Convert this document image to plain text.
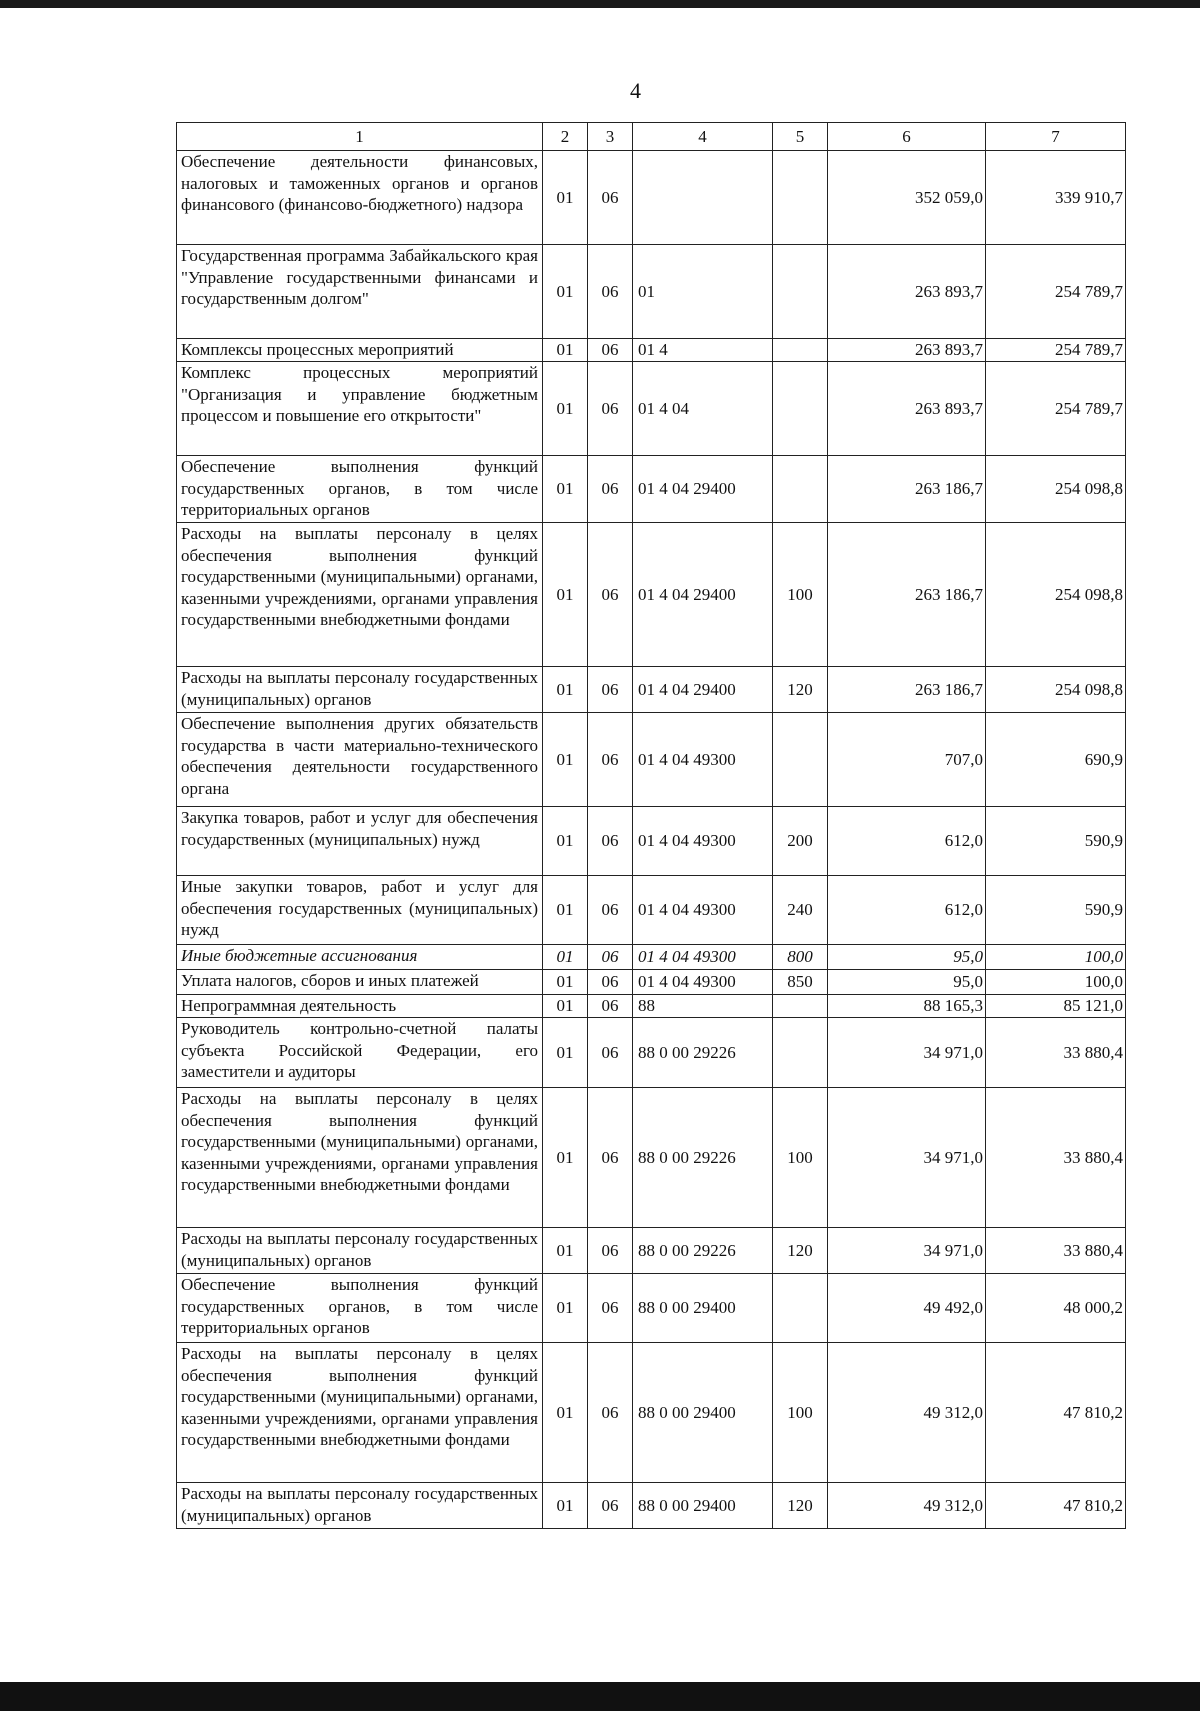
4
1	2	3	4	5	6	7
Обеспечение деятельности финансовых, налоговых и таможенных органов и органов финансового (финансово-бюджетного) надзора	01	06			352 059,0	339 910,7
Государственная программа Забайкальского края "Управление государственными финансами и государственным долгом"	01	06	01		263 893,7	254 789,7
Комплексы процессных мероприятий	01	06	01 4		263 893,7	254 789,7
Комплекс процессных мероприятий "Организация и управление бюджетным процессом и повышение его открытости"	01	06	01 4 04		263 893,7	254 789,7
Обеспечение выполнения функций государственных органов, в том числе территориальных органов	01	06	01 4 04 29400		263 186,7	254 098,8
Расходы на выплаты персоналу в целях обеспечения выполнения функций государственными (муниципальными) органами, казенными учреждениями, органами управления государственными внебюджетными фондами	01	06	01 4 04 29400	100	263 186,7	254 098,8
Расходы на выплаты персоналу государственных (муниципальных) органов	01	06	01 4 04 29400	120	263 186,7	254 098,8
Обеспечение выполнения других обязательств государства в части материально-технического обеспечения деятельности государственного органа	01	06	01 4 04 49300		707,0	690,9
Закупка товаров, работ и услуг для обеспечения государственных (муниципальных) нужд	01	06	01 4 04 49300	200	612,0	590,9
Иные закупки товаров, работ и услуг для обеспечения государственных (муниципальных) нужд	01	06	01 4 04 49300	240	612,0	590,9
Иные бюджетные ассигнования	01	06	01 4 04 49300	800	95,0	100,0
Уплата налогов, сборов и иных платежей	01	06	01 4 04 49300	850	95,0	100,0
Непрограммная деятельность	01	06	88		88 165,3	85 121,0
Руководитель контрольно-счетной палаты субъекта Российской Федерации, его заместители и аудиторы	01	06	88 0 00 29226		34 971,0	33 880,4
Расходы на выплаты персоналу в целях обеспечения выполнения функций государственными (муниципальными) органами, казенными учреждениями, органами управления государственными внебюджетными фондами	01	06	88 0 00 29226	100	34 971,0	33 880,4
Расходы на выплаты персоналу государственных (муниципальных) органов	01	06	88 0 00 29226	120	34 971,0	33 880,4
Обеспечение выполнения функций государственных органов, в том числе территориальных органов	01	06	88 0 00 29400		49 492,0	48 000,2
Расходы на выплаты персоналу в целях обеспечения выполнения функций государственными (муниципальными) органами, казенными учреждениями, органами управления государственными внебюджетными фондами	01	06	88 0 00 29400	100	49 312,0	47 810,2
Расходы на выплаты персоналу государственных (муниципальных) органов	01	06	88 0 00 29400	120	49 312,0	47 810,2
